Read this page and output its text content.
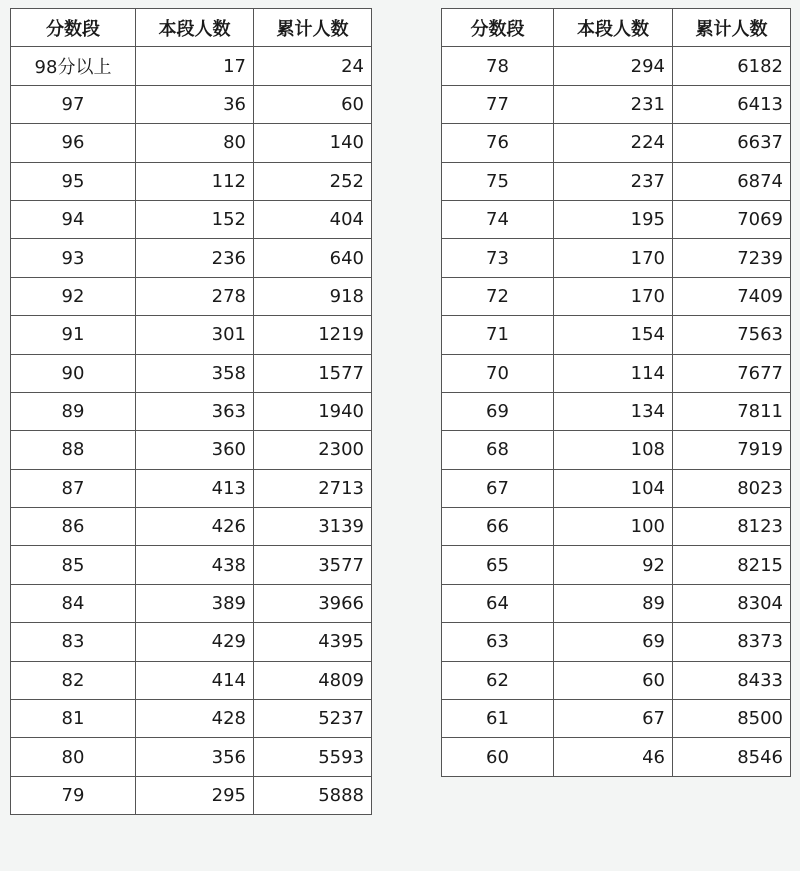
分数段	本段人数	累计人数
98分以上	17	24
97	36	60
96	80	140
95	112	252
94	152	404
93	236	640
92	278	918
91	301	1219
90	358	1577
89	363	1940
88	360	2300
87	413	2713
86	426	3139
85	438	3577
84	389	3966
83	429	4395
82	414	4809
81	428	5237
80	356	5593
79	295	5888
分数段	本段人数	累计人数
78	294	6182
77	231	6413
76	224	6637
75	237	6874
74	195	7069
73	170	7239
72	170	7409
71	154	7563
70	114	7677
69	134	7811
68	108	7919
67	104	8023
66	100	8123
65	92	8215
64	89	8304
63	69	8373
62	60	8433
61	67	8500
60	46	8546
